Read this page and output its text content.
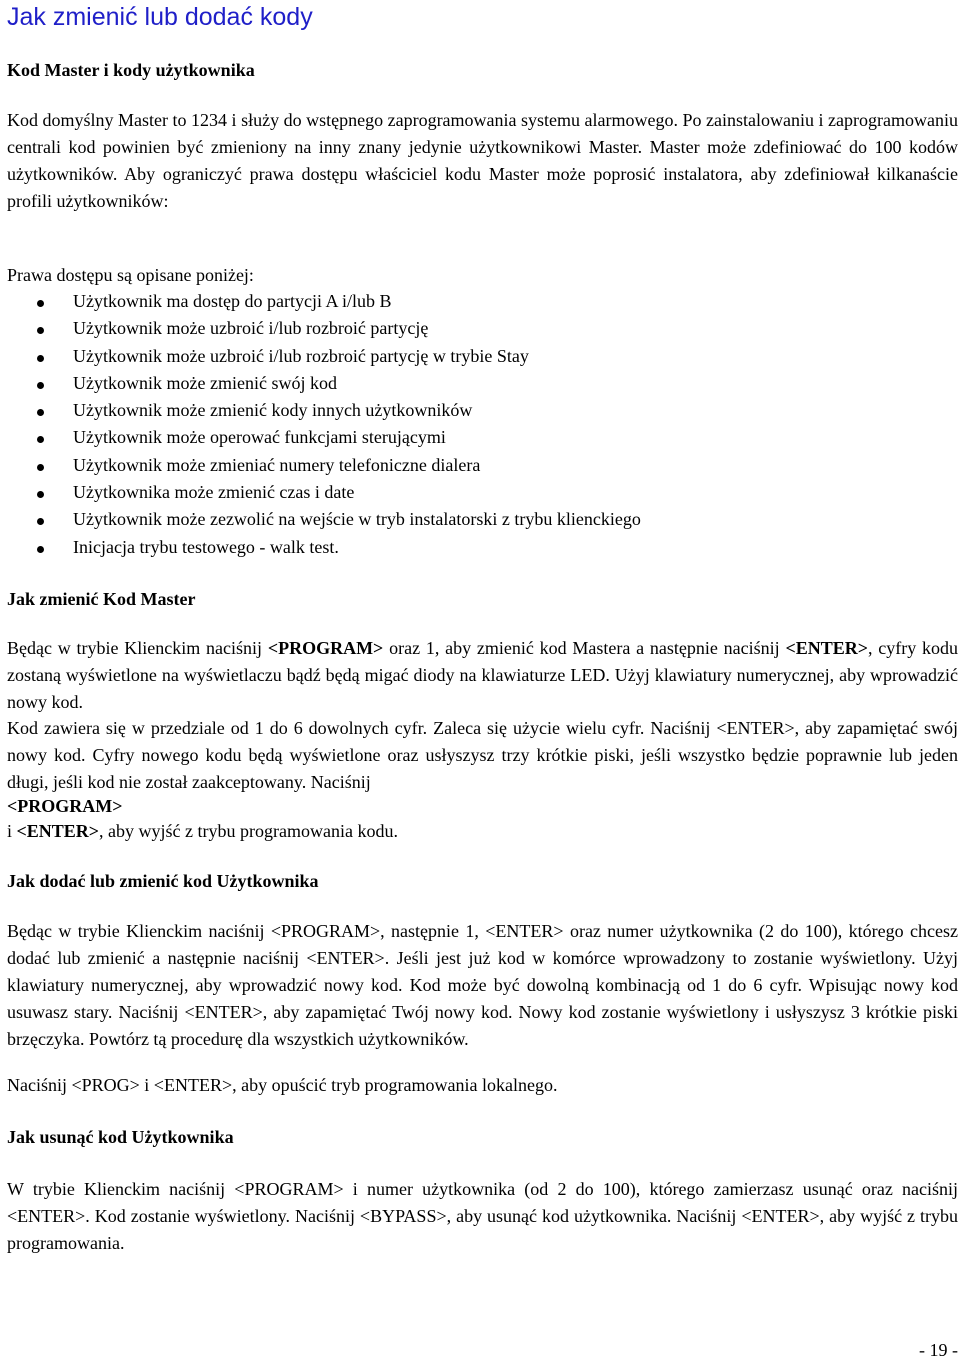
Jak zmienić lub dodać kody
Kod Master i kody użytkownika
Kod domyślny Master to 1234 i służy do wstępnego zaprogramowania systemu alarmowego. Po zainstalowaniu i zaprogramowaniu centrali kod powinien być zmieniony na inny znany jedynie użytkownikowi Master. Master może zdefiniować do 100 kodów użytkowników. Aby ograniczyć prawa dostępu właściciel kodu Master może poprosić instalatora, aby zdefiniował kilkanaście profili użytkowników:
Prawa dostępu są opisane poniżej:
Użytkownik ma dostęp do partycji A i/lub B
Użytkownik może uzbroić i/lub rozbroić partycję
Użytkownik może uzbroić i/lub rozbroić partycję w trybie Stay
Użytkownik może zmienić swój kod
Użytkownik może zmienić kody innych użytkowników
Użytkownik może operować funkcjami sterującymi
Użytkownik może zmieniać numery telefoniczne dialera
Użytkownika może zmienić czas i date
Użytkownik może zezwolić na wejście w tryb instalatorski z trybu klienckiego
Inicjacja trybu testowego - walk test.
Jak zmienić Kod Master
Będąc w trybie Klienckim naciśnij <PROGRAM> oraz 1, aby zmienić kod Mastera a następnie naciśnij <ENTER>, cyfry kodu zostaną wyświetlone na wyświetlaczu bądź będą migać diody na klawiaturze LED. Użyj klawiatury numerycznej, aby wprowadzić nowy kod.
Kod zawiera się w przedziale od 1 do 6 dowolnych cyfr. Zaleca się użycie wielu cyfr. Naciśnij <ENTER>, aby zapamiętać swój nowy kod. Cyfry nowego kodu będą wyświetlone oraz usłyszysz trzy krótkie piski, jeśli wszystko będzie poprawnie lub jeden długi, jeśli kod nie został zaakceptowany. Naciśnij
<PROGRAM>
i <ENTER>, aby wyjść z trybu programowania kodu.
Jak dodać lub zmienić kod Użytkownika
Będąc w trybie Klienckim naciśnij <PROGRAM>, następnie 1, <ENTER> oraz numer użytkownika (2 do 100), którego chcesz dodać lub zmienić a następnie naciśnij <ENTER>. Jeśli jest już kod w komórce wprowadzony to zostanie wyświetlony. Użyj klawiatury numerycznej, aby wprowadzić nowy kod. Kod może być dowolną kombinacją od 1 do 6 cyfr. Wpisując nowy kod usuwasz stary. Naciśnij <ENTER>, aby zapamiętać Twój nowy kod. Nowy kod zostanie wyświetlony i usłyszysz 3 krótkie piski brzęczyka. Powtórz tą procedurę dla wszystkich użytkowników.
Naciśnij <PROG> i <ENTER>, aby opuścić tryb programowania lokalnego.
Jak usunąć kod Użytkownika
W trybie Klienckim naciśnij <PROGRAM> i numer użytkownika (od 2 do 100), którego zamierzasz usunąć oraz naciśnij <ENTER>. Kod zostanie wyświetlony. Naciśnij <BYPASS>, aby usunąć kod użytkownika. Naciśnij <ENTER>, aby wyjść z trybu programowania.
- 19 -
